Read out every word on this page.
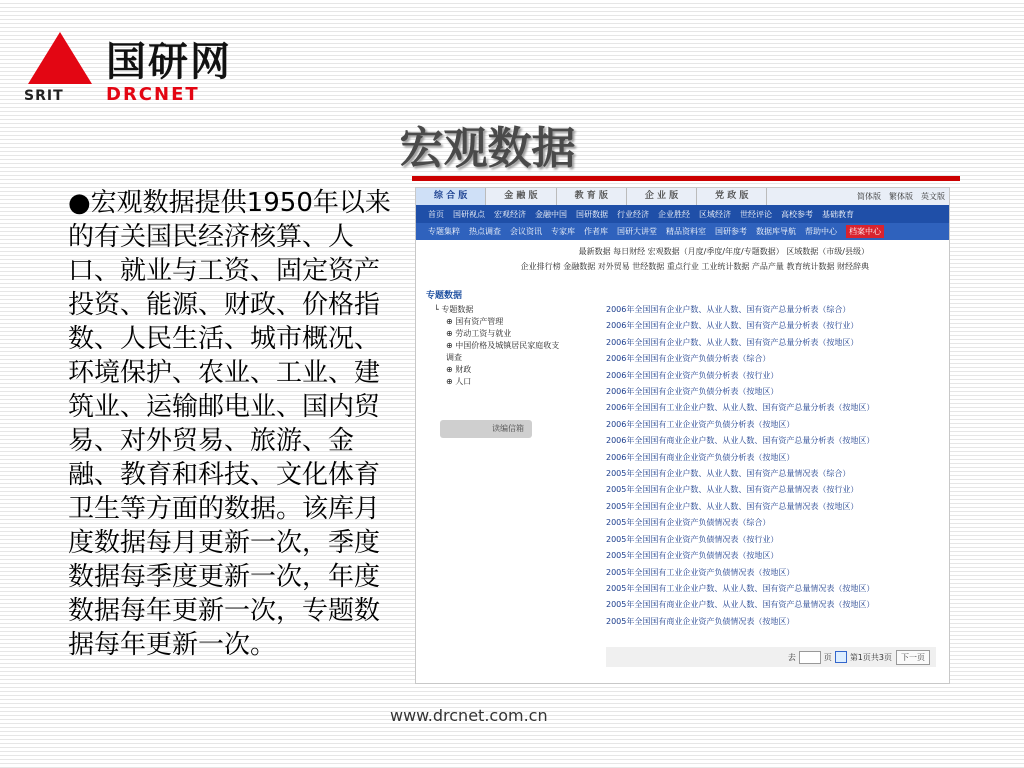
SRIT
国研网
DRCNET
宏观数据
●宏观数据提供1950年以来的有关国民经济核算、人口、就业与工资、固定资产投资、能源、财政、价格指数、人民生活、城市概况、环境保护、农业、工业、建筑业、运输邮电业、国内贸易、对外贸易、旅游、金融、教育和科技、文化体育卫生等方面的数据。该库月度数据每月更新一次，季度数据每季度更新一次，年度数据每年更新一次，专题数据每年更新一次。
综 合 版	金 融 版	教 育 版	企 业 版	党 政 版	简体版	繁体版	英文版
首页 国研视点 宏观经济 金融中国 国研数据 行业经济 企业胜经 区域经济 世经评论 高校参考 基础教育
专题集粹 热点调查 会议资讯 专家库 作者库 国研大讲堂 精品资料室 国研参考 数据库导航 帮助中心	档案中心
最新数据 每日财经 宏观数据（月度/季度/年度/专题数据） 区域数据（市级/县级）
企业排行榜 金融数据 对外贸易 世经数据 重点行业 工业统计数据 产品产量 教育统计数据 财经辞典
专题数据
└ 专题数据
⊕ 国有资产管理
⊕ 劳动工资与就业
⊕ 中国价格及城镇居民家庭收支调查
⊕ 财政
⊕ 人口
读编信箱
2006年全国国有企业户数、从业人数、国有资产总量分析表（综合）
2006年全国国有企业户数、从业人数、国有资产总量分析表（按行业）
2006年全国国有企业户数、从业人数、国有资产总量分析表（按地区）
2006年全国国有企业资产负债分析表（综合）
2006年全国国有企业资产负债分析表（按行业）
2006年全国国有企业资产负债分析表（按地区）
2006年全国国有工业企业户数、从业人数、国有资产总量分析表（按地区）
2006年全国国有工业企业资产负债分析表（按地区）
2006年全国国有商业企业户数、从业人数、国有资产总量分析表（按地区）
2006年全国国有商业企业资产负债分析表（按地区）
2005年全国国有企业户数、从业人数、国有资产总量情况表（综合）
2005年全国国有企业户数、从业人数、国有资产总量情况表（按行业）
2005年全国国有企业户数、从业人数、国有资产总量情况表（按地区）
2005年全国国有企业资产负债情况表（综合）
2005年全国国有企业资产负债情况表（按行业）
2005年全国国有企业资产负债情况表（按地区）
2005年全国国有工业企业资产负债情况表（按地区）
2005年全国国有工业企业户数、从业人数、国有资产总量情况表（按地区）
2005年全国国有商业企业户数、从业人数、国有资产总量情况表（按地区）
2005年全国国有商业企业资产负债情况表（按地区）
去	页 第1页 共3页	下一页
www.drcnet.com.cn
